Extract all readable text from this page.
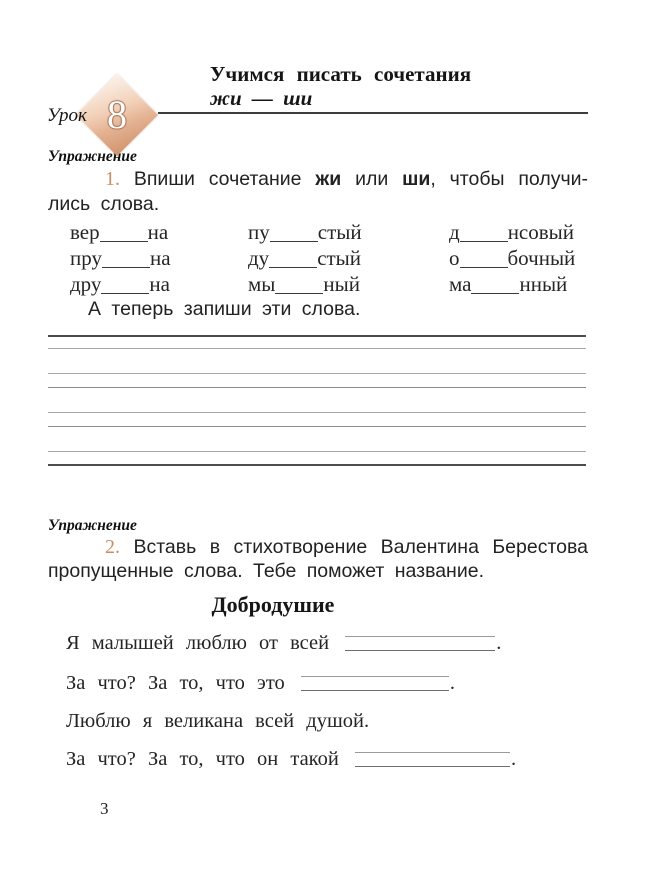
Урок 8
Учимся писать сочетания
жи — ши
Упражнение
1. Впиши сочетание жи или ши, чтобы получи-
лись слова.
вер на	пу стый	д нсовый
пру на	ду стый	о бочный
дру на	мы ный	ма нный
А теперь запиши эти слова.
Упражнение
2. Вставь в стихотворение Валентина Берестова
пропущенные слова. Тебе поможет название.
Добродушие
Я малышей люблю от всей	.
За что? За то, что это	.
Люблю я великана всей душой.
За что? За то, что он такой	.
3
